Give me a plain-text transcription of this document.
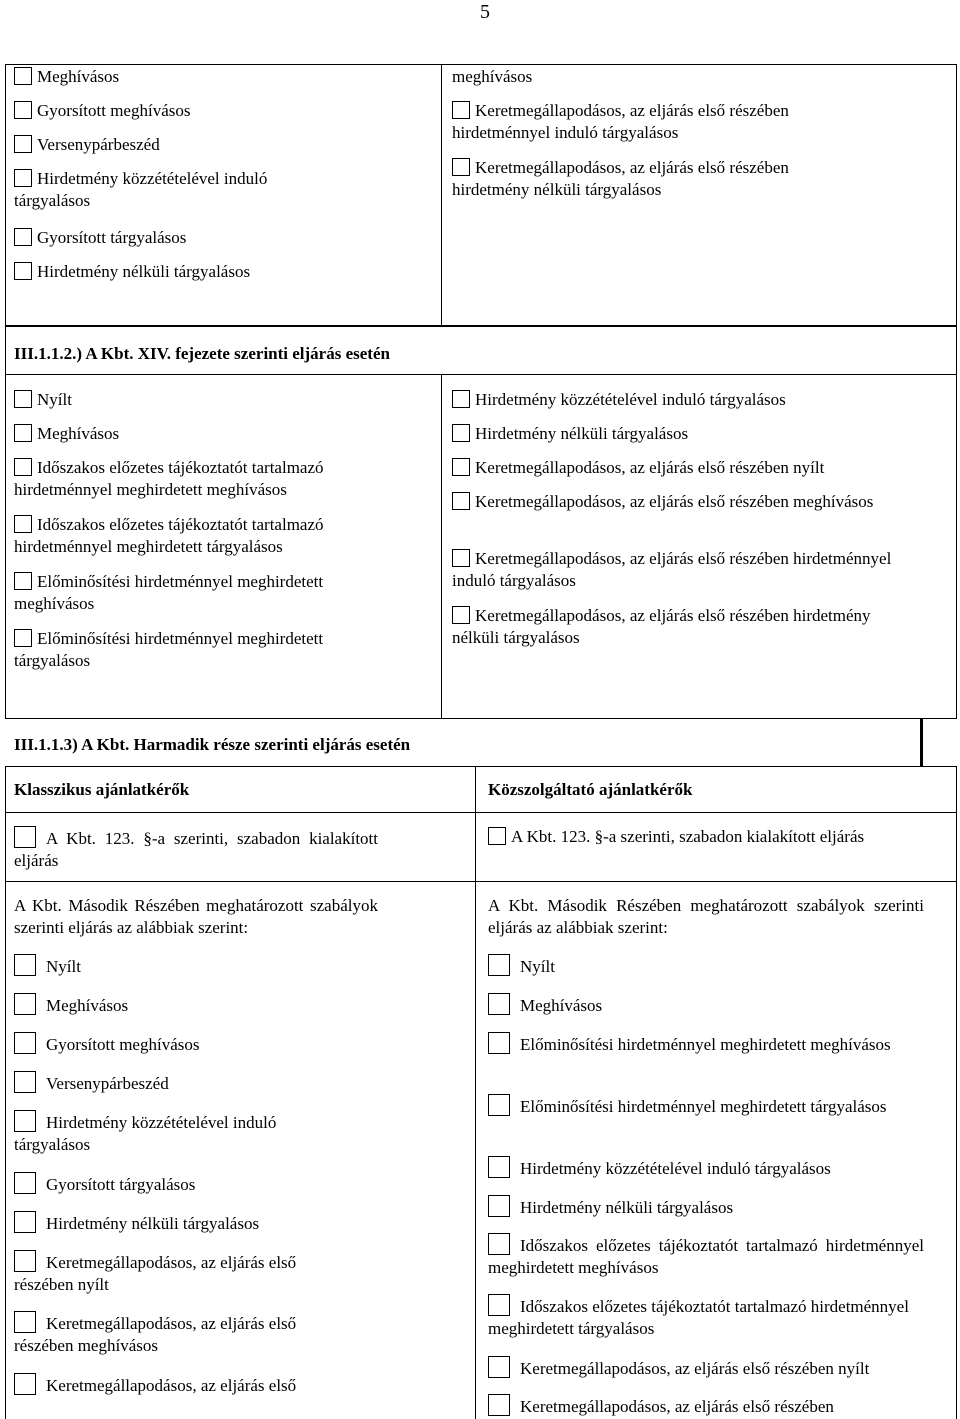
5
III.1.1.2.) A Kbt. XIV. fejezete szerinti eljárás esetén
III.1.1.3) A Kbt. Harmadik része szerinti eljárás esetén
Klasszikus ajánlatkérők	Közszolgáltató ajánlatkérők
A Kbt. 123. §-a szerinti, szabadon kialakított eljárás
A Kbt. 123. §-a szerinti, szabadon kialakított eljárás
A Kbt. Második Részében meghatározott szabályok szerinti eljárás az alábbiak szerint:
A Kbt. Második Részében meghatározott szabályok szerinti eljárás az alábbiak szerint:
Meghívásos
Gyorsított meghívásos
Versenypárbeszéd
Hirdetmény közzétételével induló tárgyalásos
Gyorsított tárgyalásos
Hirdetmény nélküli tárgyalásos
meghívásos
Keretmegállapodásos, az eljárás első részében hirdetménnyel induló tárgyalásos
Keretmegállapodásos, az eljárás első részében hirdetmény nélküli tárgyalásos
Nyílt
Meghívásos
Időszakos előzetes tájékoztatót tartalmazó hirdetménnyel meghirdetett meghívásos
Időszakos előzetes tájékoztatót tartalmazó hirdetménnyel meghirdetett tárgyalásos
Előminősítési hirdetménnyel meghirdetett meghívásos
Előminősítési hirdetménnyel meghirdetett tárgyalásos
Hirdetmény közzétételével induló tárgyalásos
Hirdetmény nélküli tárgyalásos
Keretmegállapodásos, az eljárás első részében nyílt
Keretmegállapodásos, az eljárás első részében meghívásos
Keretmegállapodásos, az eljárás első részében hirdetménnyel induló tárgyalásos
Keretmegállapodásos, az eljárás első részében hirdetmény nélküli tárgyalásos
Nyílt
Meghívásos
Gyorsított meghívásos
Versenypárbeszéd
Hirdetmény közzétételével induló tárgyalásos
Gyorsított tárgyalásos
Hirdetmény nélküli tárgyalásos
Keretmegállapodásos, az eljárás első részében nyílt
Keretmegállapodásos, az eljárás első részében meghívásos
Keretmegállapodásos, az eljárás első
Nyílt
Meghívásos
Előminősítési hirdetménnyel meghirdetett meghívásos
Előminősítési hirdetménnyel meghirdetett tárgyalásos
Hirdetmény közzétételével induló tárgyalásos
Hirdetmény nélküli tárgyalásos
Időszakos előzetes tájékoztatót tartalmazó hirdetménnyel meghirdetett meghívásos
Időszakos előzetes tájékoztatót tartalmazó hirdetménnyel meghirdetett tárgyalásos
Keretmegállapodásos, az eljárás első részében nyílt
Keretmegállapodásos, az eljárás első részében
